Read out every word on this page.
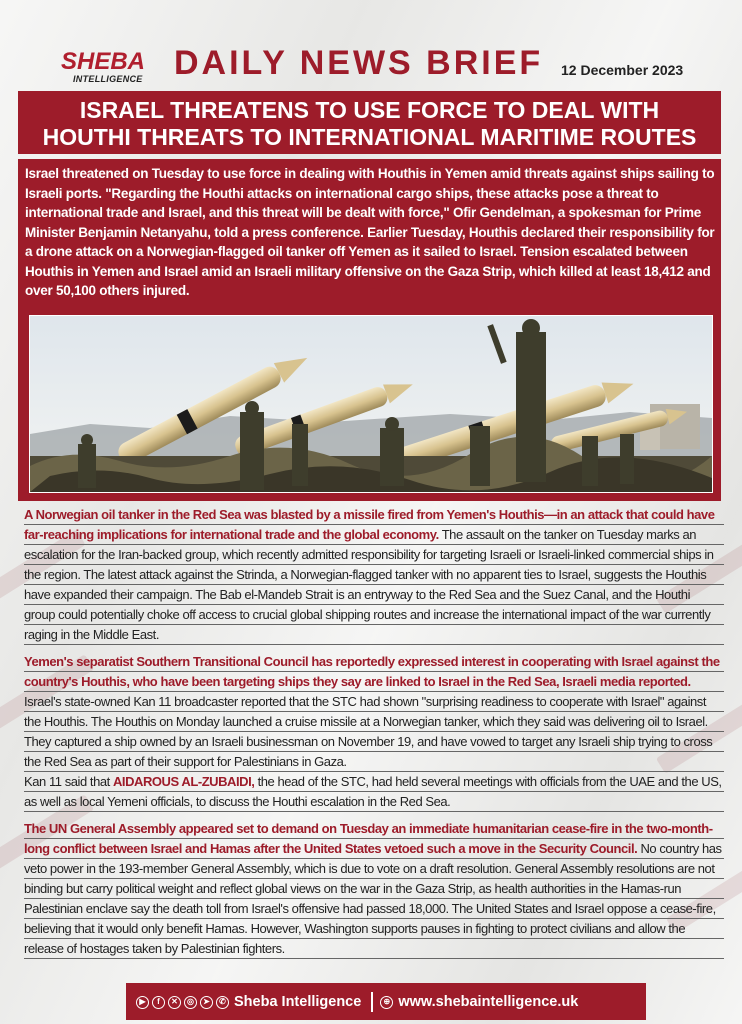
SHEBA
INTELLIGENCE DAILY NEWS BRIEF 12 December 2023
ISRAEL THREATENS TO USE FORCE TO DEAL WITH
HOUTHI THREATS TO INTERNATIONAL MARITIME ROUTES
Israel threatened on Tuesday to use force in dealing with Houthis in Yemen amid threats against ships sailing to Israeli ports. "Regarding the Houthi attacks on international cargo ships, these attacks pose a threat to international trade and Israel, and this threat will be dealt with force," Ofir Gendelman, a spokesman for Prime Minister Benjamin Netanyahu, told a press conference. Earlier Tuesday, Houthis declared their responsibility for a drone attack on a Norwegian-flagged oil tanker off Yemen as it sailed to Israel. Tension escalated between Houthis in Yemen and Israel amid an Israeli military offensive on the Gaza Strip, which killed at least 18,412 and over 50,100 others injured.

A Norwegian oil tanker in the Red Sea was blasted by a missile fired from Yemen's Houthis—in an attack that could have far-reaching implications for international trade and the global economy. The assault on the tanker on Tuesday marks an escalation for the Iran-backed group, which recently admitted responsibility for targeting Israeli or Israeli-linked commercial ships in the region. The latest attack against the Strinda, a Norwegian-flagged tanker with no apparent ties to Israel, suggests the Houthis have expanded their campaign. The Bab el-Mandeb Strait is an entryway to the Red Sea and the Suez Canal, and the Houthi group could potentially choke off access to crucial global shipping routes and increase the international impact of the war currently raging in the Middle East.

Yemen's separatist Southern Transitional Council has reportedly expressed interest in cooperating with Israel against the country's Houthis, who have been targeting ships they say are linked to Israel in the Red Sea, Israeli media reported. Israel's state-owned Kan 11 broadcaster reported that the STC had shown "surprising readiness to cooperate with Israel" against the Houthis. The Houthis on Monday launched a cruise missile at a Norwegian tanker, which they said was delivering oil to Israel. They captured a ship owned by an Israeli businessman on November 19, and have vowed to target any Israeli ship trying to cross the Red Sea as part of their support for Palestinians in Gaza.
Kan 11 said that AIDAROUS AL-ZUBAIDI, the head of the STC, had held several meetings with officials from the UAE and the US, as well as local Yemeni officials, to discuss the Houthi escalation in the Red Sea.

The UN General Assembly appeared set to demand on Tuesday an immediate humanitarian cease-fire in the two-month-long conflict between Israel and Hamas after the United States vetoed such a move in the Security Council. No country has veto power in the 193-member General Assembly, which is due to vote on a draft resolution. General Assembly resolutions are not binding but carry political weight and reflect global views on the war in the Gaza Strip, as health authorities in the Hamas-run Palestinian enclave say the death toll from Israel's offensive had passed 18,000. The United States and Israel oppose a cease-fire, believing that it would only benefit Hamas. However, Washington supports pauses in fighting to protect civilians and allow the release of hostages taken by Palestinian fighters.

▶	f	✕	◎	➤	✆ Sheba Intelligence	⊕ www.shebaintelligence.uk
